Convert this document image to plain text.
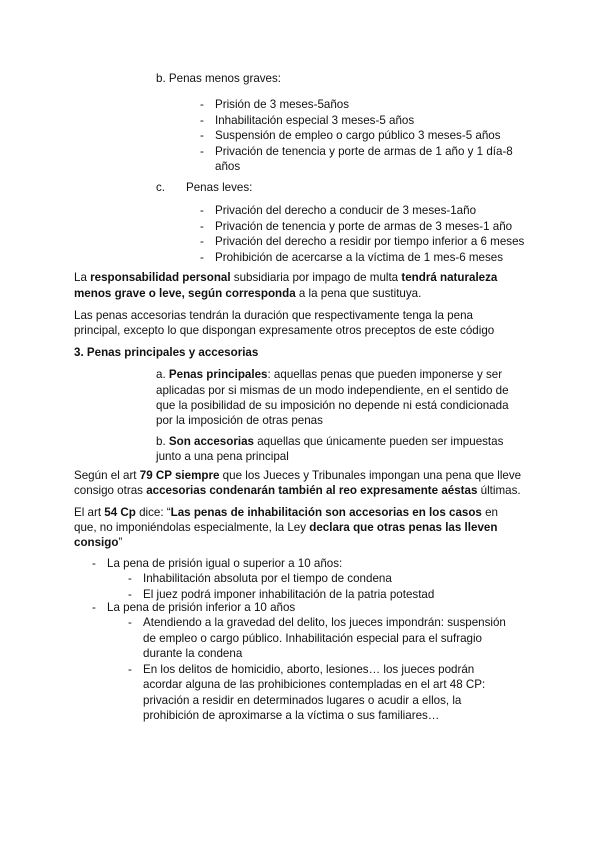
b. Penas menos graves:
- Prisión de 3 meses-5años
- Inhabilitación especial 3 meses-5 años
- Suspensión de empleo o cargo público 3 meses-5 años
- Privación de tenencia y porte de armas de 1 año y 1 día-8
años
c. Penas leves:
- Privación del derecho a conducir de 3 meses-1año
- Privación de tenencia y porte de armas de 3 meses-1 año
- Privación del derecho a residir por tiempo inferior a 6 meses
- Prohibición de acercarse a la víctima de 1 mes-6 meses
La responsabilidad personal subsidiaria por impago de multa tendrá naturaleza
menos grave o leve, según corresponda a la pena que sustituya.
Las penas accesorias tendrán la duración que respectivamente tenga la pena
principal, excepto lo que dispongan expresamente otros preceptos de este código
3. Penas principales y accesorias
a. Penas principales: aquellas penas que pueden imponerse y ser
aplicadas por si mismas de un modo independiente, en el sentido de
que la posibilidad de su imposición no depende ni está condicionada
por la imposición de otras penas
b. Son accesorias aquellas que únicamente pueden ser impuestas
junto a una pena principal
Según el art 79 CP siempre que los Jueces y Tribunales impongan una pena que lleve
consigo otras accesorias condenarán también al reo expresamente aéstas últimas.
El art 54 Cp dice: “Las penas de inhabilitación son accesorias en los casos en
que, no imponiéndolas especialmente, la Ley declara que otras penas las lleven
consigo”
- La pena de prisión igual o superior a 10 años:
- Inhabilitación absoluta por el tiempo de condena
- El juez podrá imponer inhabilitación de la patria potestad
- La pena de prisión inferior a 10 años
- Atendiendo a la gravedad del delito, los jueces impondrán: suspensión
de empleo o cargo público. Inhabilitación especial para el sufragio
durante la condena
- En los delitos de homicidio, aborto, lesiones… los jueces podrán
acordar alguna de las prohibiciones contempladas en el art 48 CP:
privación a residir en determinados lugares o acudir a ellos, la
prohibición de aproximarse a la víctima o sus familiares…
